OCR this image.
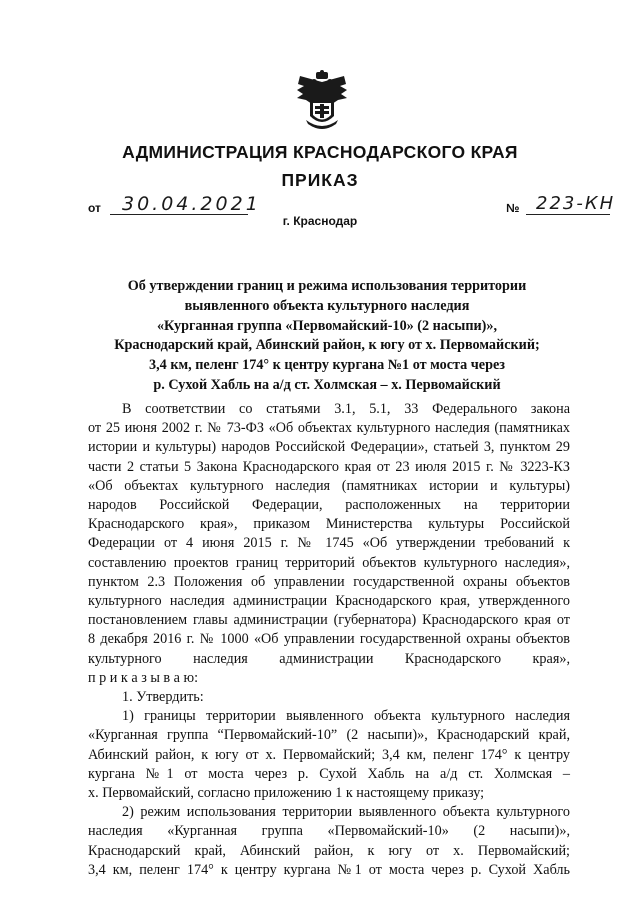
АДМИНИСТРАЦИЯ КРАСНОДАРСКОГО КРАЯ
ПРИКАЗ
от 30.04.2021	№ 223-КН
г. Краснодар
Об утверждении границ и режима использования территории
выявленного объекта культурного наследия
«Курганная группа «Первомайский-10» (2 насыпи)»,
Краснодарский край, Абинский район, к югу от х. Первомайский;
3,4 км, пеленг 174° к центру кургана №1 от моста через
р. Сухой Хабль на а/д ст. Холмская – х. Первомайский
В соответствии со статьями 3.1, 5.1, 33 Федерального закона
от 25 июня 2002 г. № 73-ФЗ «Об объектах культурного наследия (памятниках
истории и культуры) народов Российской Федерации», статьей 3, пунктом 29
части 2 статьи 5 Закона Краснодарского края от 23 июля 2015 г. № 3223-КЗ
«Об объектах культурного наследия (памятниках истории и культуры)
народов Российской Федерации, расположенных на территории
Краснодарского края», приказом Министерства культуры Российской
Федерации от 4 июня 2015 г. № 1745 «Об утверждении требований к
составлению проектов границ территорий объектов культурного наследия»,
пунктом 2.3 Положения об управлении государственной охраны объектов
культурного наследия администрации Краснодарского края, утвержденного
постановлением главы администрации (губернатора) Краснодарского края от
8 декабря 2016 г. № 1000 «Об управлении государственной охраны объектов
культурного наследия администрации Краснодарского края»,
п р и к а з ы в а ю:
1. Утвердить:
1) границы территории выявленного объекта культурного наследия
«Курганная группа “Первомайский-10” (2 насыпи)», Краснодарский край,
Абинский район, к югу от х. Первомайский; 3,4 км, пеленг 174° к центру
кургана №1 от моста через р. Сухой Хабль на а/д ст. Холмская –
х. Первомайский, согласно приложению 1 к настоящему приказу;
2) режим использования территории выявленного объекта культурного
наследия «Курганная группа «Первомайский-10» (2 насыпи)»,
Краснодарский край, Абинский район, к югу от х. Первомайский;
3,4 км, пеленг 174° к центру кургана №1 от моста через р. Сухой Хабль
